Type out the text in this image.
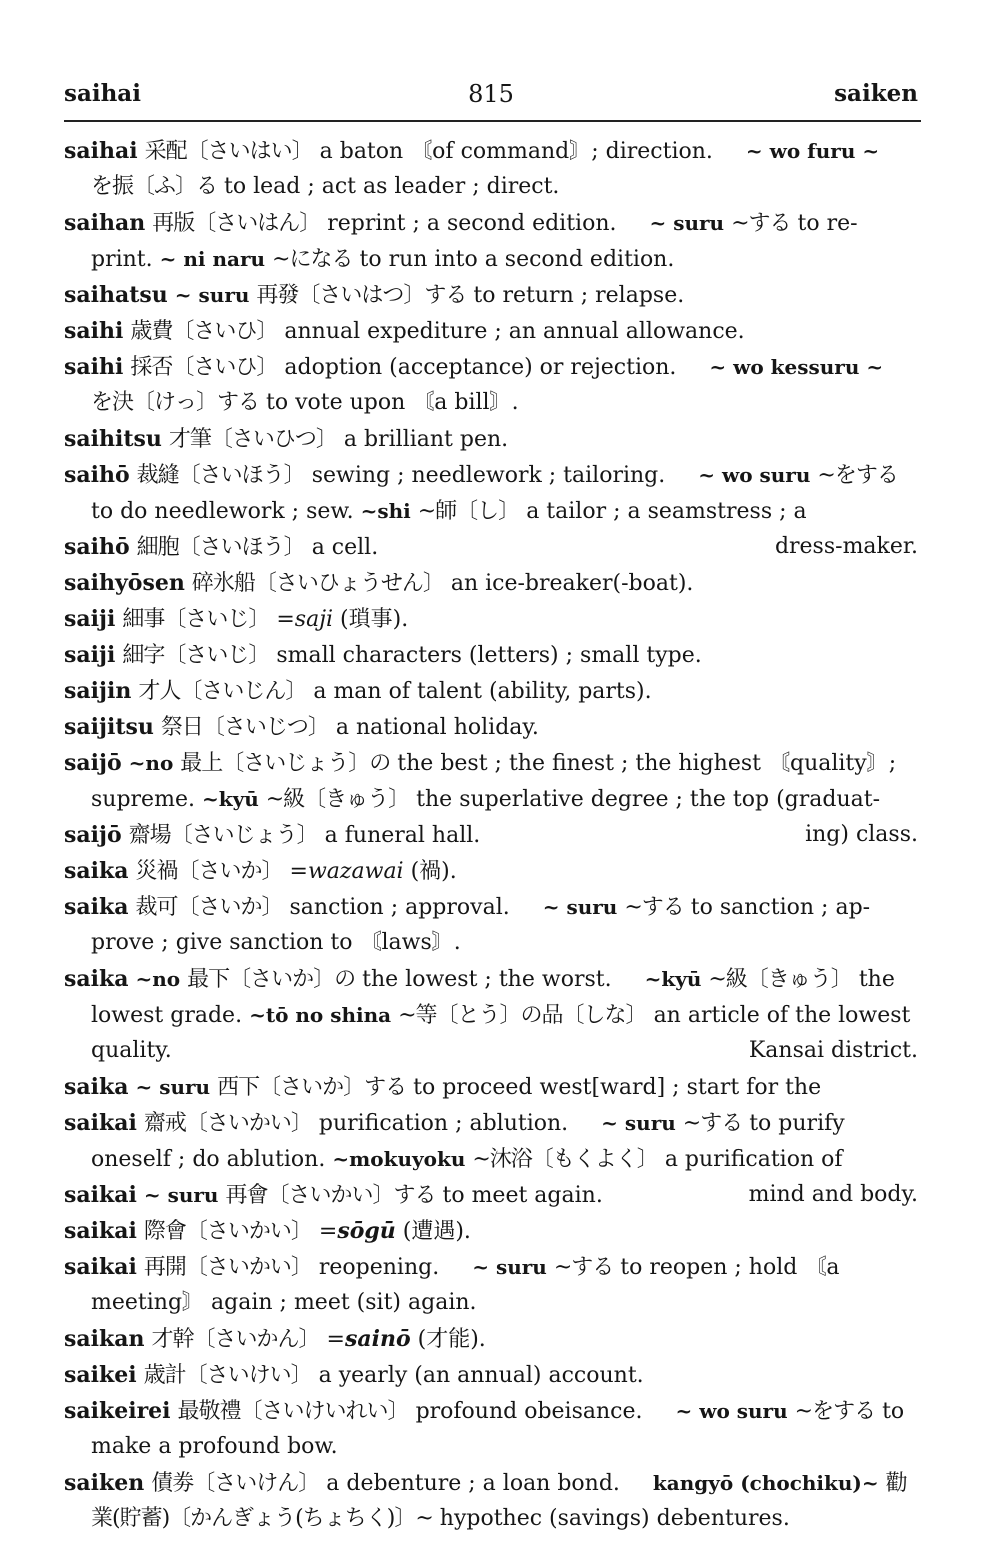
saihai	815	saiken
saihai 采配〔さいはい〕 a baton 〘of command〙; direction. ~ wo furu ~
を振〔ふ〕る to lead ; act as leader ; direct.
saihan 再版〔さいはん〕 reprint ; a second edition. ~ suru ~する to re-
print. ~ ni naru ~になる to run into a second edition.
saihatsu ~ suru 再發〔さいはつ〕する to return ; relapse.
saihi 歳費〔さいひ〕 annual expediture ; an annual allowance.
saihi 採否〔さいひ〕 adoption (acceptance) or rejection. ~ wo kessuru ~
を決〔けっ〕する to vote upon 〘a bill〙.
saihitsu 才筆〔さいひつ〕 a brilliant pen.
saihō 裁縫〔さいほう〕 sewing ; needlework ; tailoring. ~ wo suru ~をする
to do needlework ; sew. ~shi ~師〔し〕 a tailor ; a seamstress ; a
saihō 細胞〔さいほう〕 a cell.	dress-maker.
saihyōsen 碎氷船〔さいひょうせん〕 an ice-breaker(-boat).
saiji 細事〔さいじ〕 =saji (瑣事).
saiji 細字〔さいじ〕 small characters (letters) ; small type.
saijin 才人〔さいじん〕 a man of talent (ability, parts).
saijitsu 祭日〔さいじつ〕 a national holiday.
saijō ~no 最上〔さいじょう〕の the best ; the finest ; the highest 〘quality〙;
supreme. ~kyū ~級〔きゅう〕 the superlative degree ; the top (graduat-
saijō 齋場〔さいじょう〕 a funeral hall.	ing) class.
saika 災禍〔さいか〕 =wazawai (禍).
saika 裁可〔さいか〕 sanction ; approval. ~ suru ~する to sanction ; ap-
prove ; give sanction to 〘laws〙.
saika ~no 最下〔さいか〕の the lowest ; the worst. ~kyū ~級〔きゅう〕 the
lowest grade. ~tō no shina ~等〔とう〕の品〔しな〕 an article of the lowest
quality.	Kansai district.
saika ~ suru 西下〔さいか〕する to proceed west[ward] ; start for the
saikai 齋戒〔さいかい〕 purification ; ablution. ~ suru ~する to purify
oneself ; do ablution. ~mokuyoku ~沐浴〔もくよく〕 a purification of
saikai ~ suru 再會〔さいかい〕する to meet again.	mind and body.
saikai 際會〔さいかい〕 =sōgū (遭遇).
saikai 再開〔さいかい〕 reopening. ~ suru ~する to reopen ; hold 〘a
meeting〙 again ; meet (sit) again.
saikan 才幹〔さいかん〕 =sainō (才能).
saikei 歳計〔さいけい〕 a yearly (an annual) account.
saikeirei 最敬禮〔さいけいれい〕 profound obeisance. ~ wo suru ~をする to
make a profound bow.
saiken 債劵〔さいけん〕 a debenture ; a loan bond. kangyō (chochiku)~ 勸
業(貯蓄)〔かんぎょう(ちょちく)〕~ hypothec (savings) debentures.
